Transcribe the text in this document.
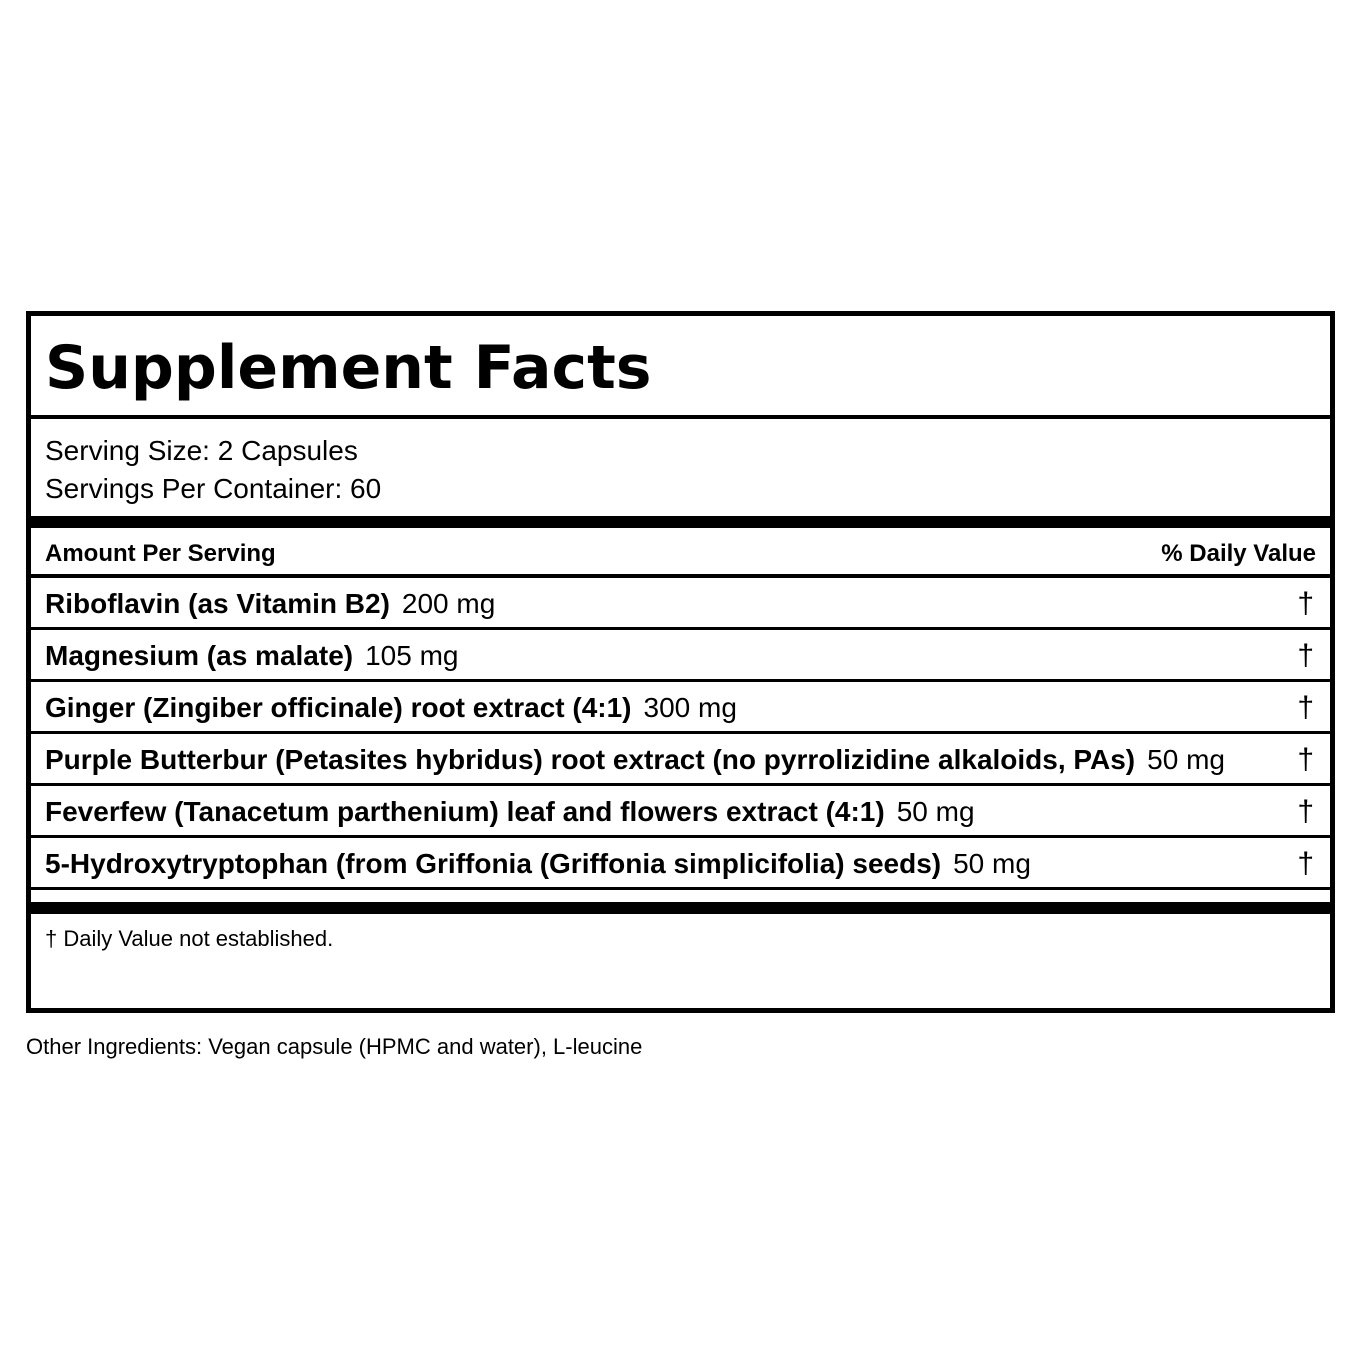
Supplement Facts
Serving Size: 2 Capsules
Servings Per Container: 60
Amount Per Serving	% Daily Value
Riboflavin (as Vitamin B2) 200 mg	†
Magnesium (as malate) 105 mg	†
Ginger (Zingiber officinale) root extract (4:1) 300 mg	†
Purple Butterbur (Petasites hybridus) root extract (no pyrrolizidine alkaloids, PAs) 50 mg †
Feverfew (Tanacetum parthenium) leaf and flowers extract (4:1) 50 mg	†
5-Hydroxytryptophan (from Griffonia (Griffonia simplicifolia) seeds) 50 mg	†
† Daily Value not established.
Other Ingredients: Vegan capsule (HPMC and water), L-leucine
